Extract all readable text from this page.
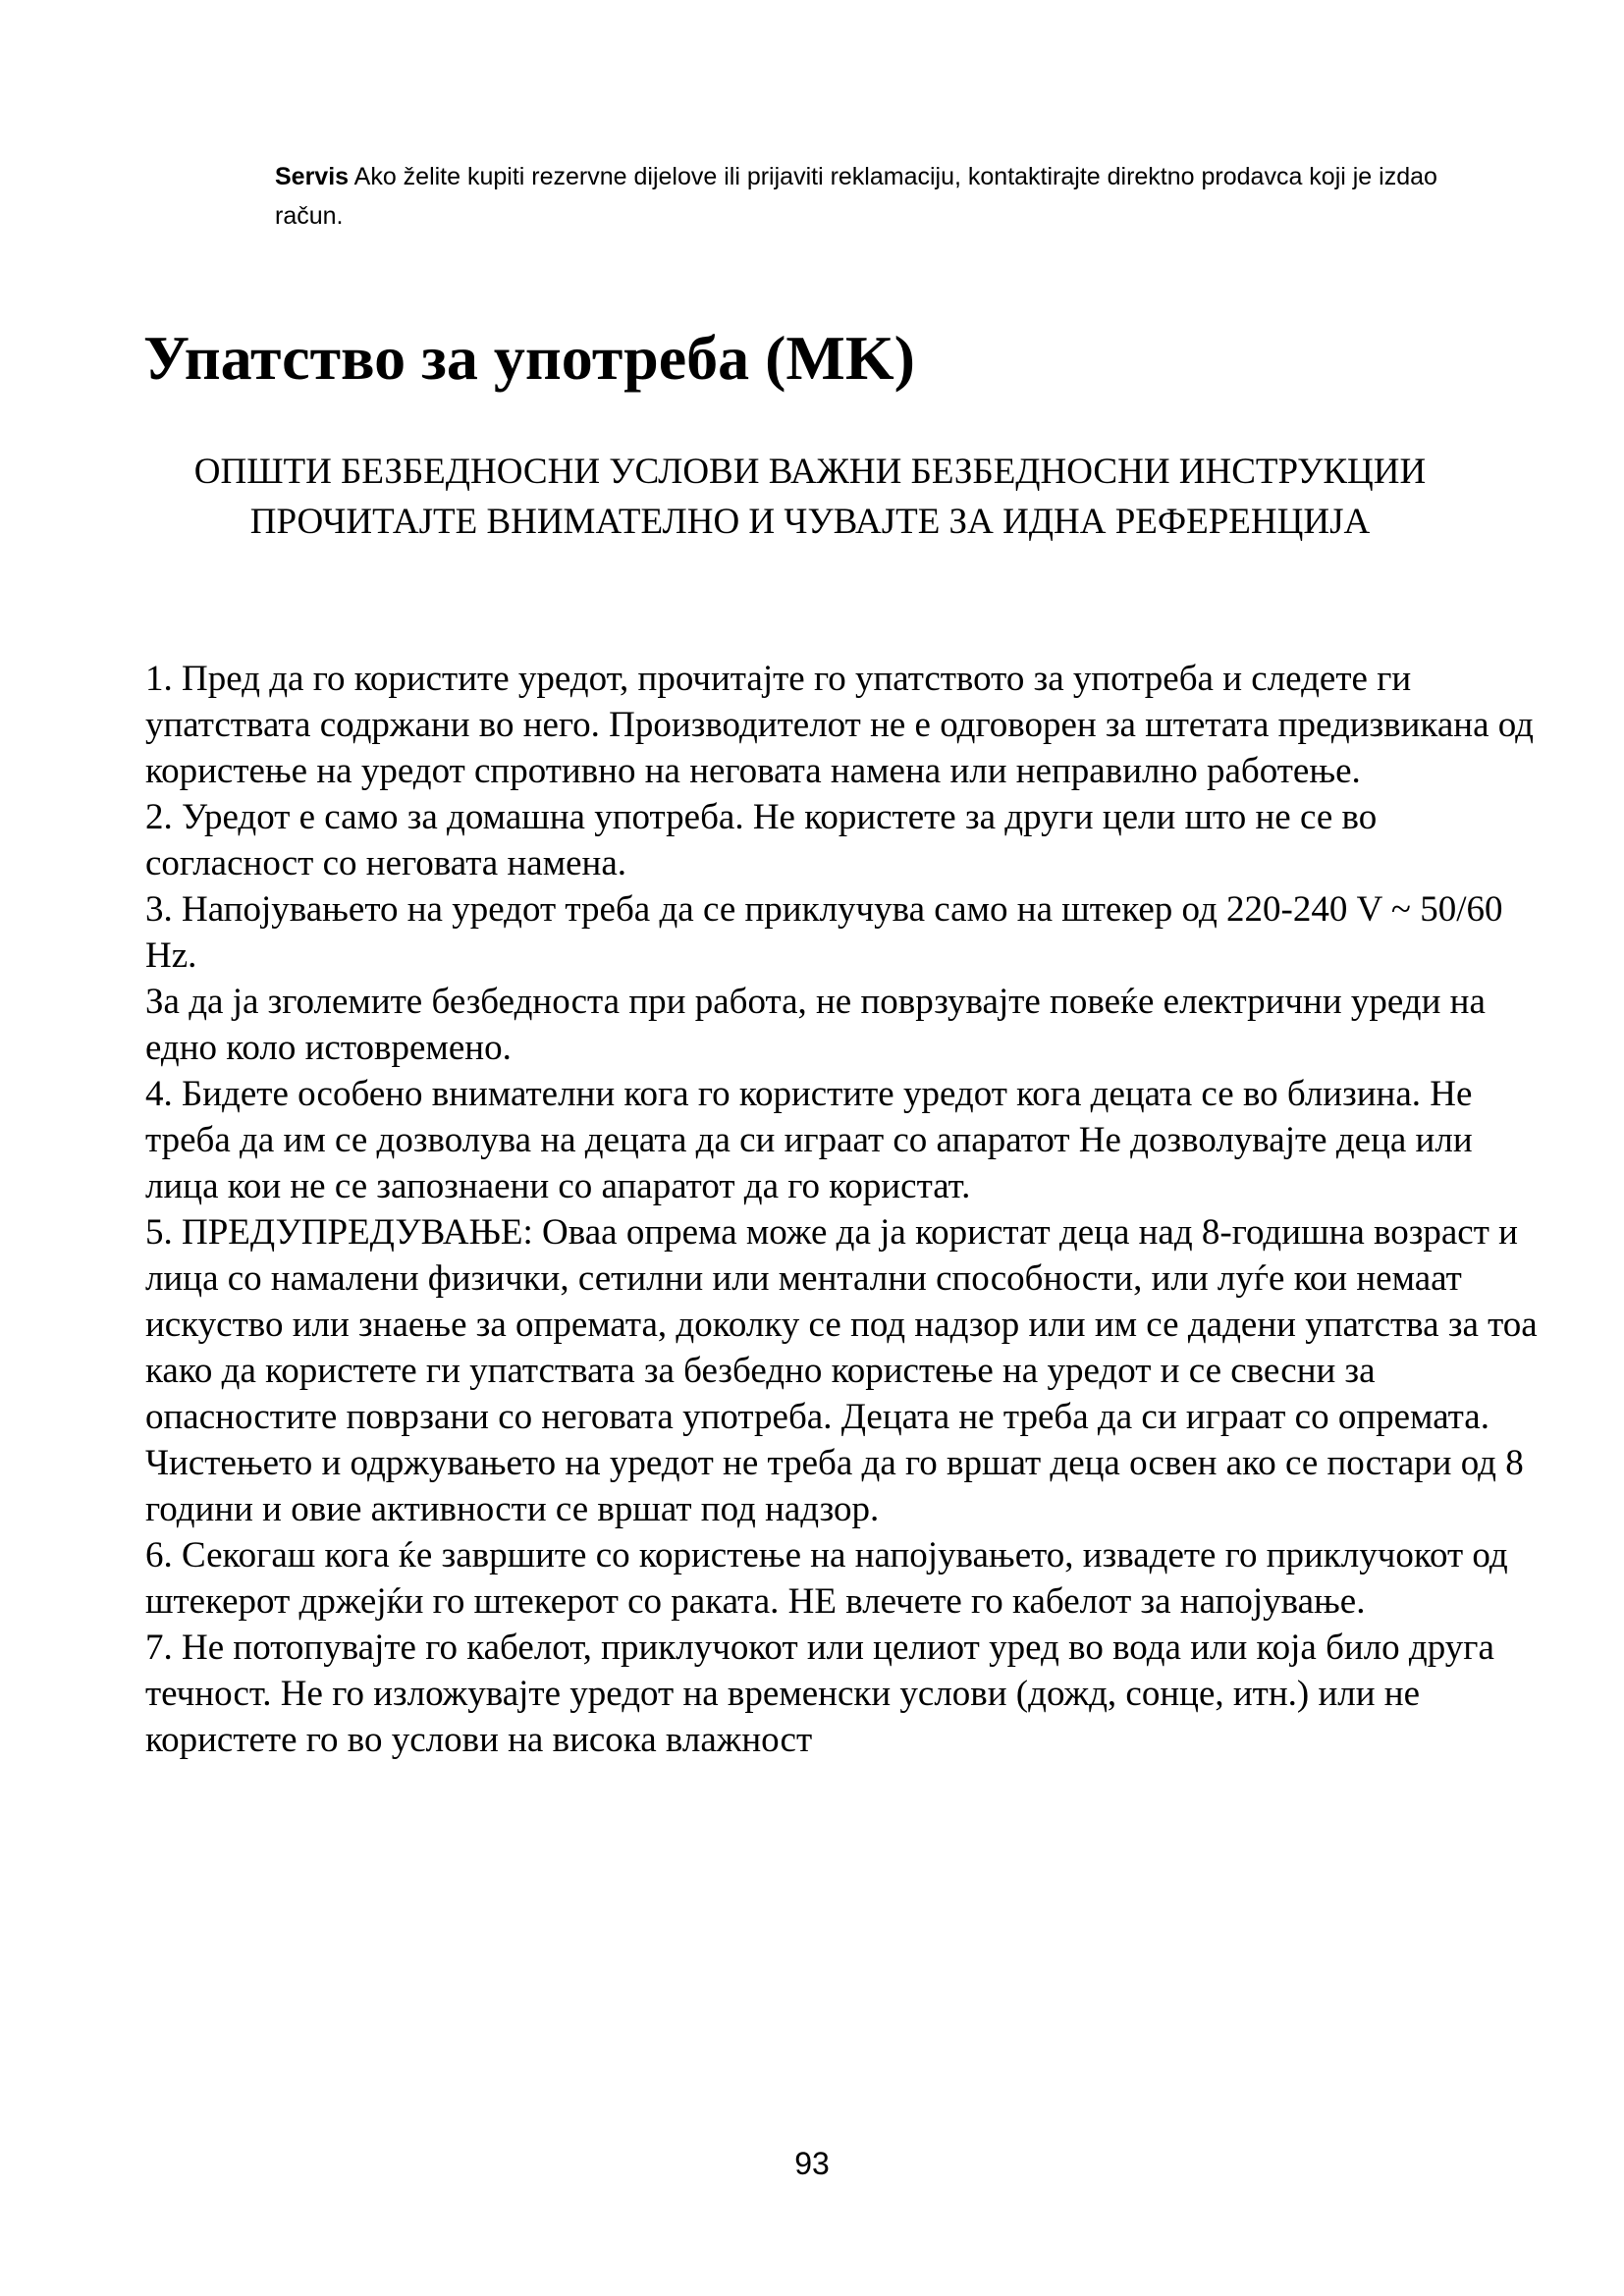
Servis Ako želite kupiti rezervne dijelove ili prijaviti reklamaciju, kontaktirajte direktno prodavca koji je izdao račun.
Упатство за употреба (MK)
ОПШТИ БЕЗБЕДНОСНИ УСЛОВИ ВАЖНИ БЕЗБЕДНОСНИ ИНСТРУКЦИИ ПРОЧИТАЈТЕ ВНИМАТЕЛНО И ЧУВАЈТЕ ЗА ИДНА РЕФЕРЕНЦИЈА

1. Пред да го користите уредот, прочитајте го упатството за употреба и следете ги упатствата содржани во него. Производителот не е одговорен за штетата предизвикана од користење на уредот спротивно на неговата намена или неправилно работење.

2. Уредот е само за домашна употреба. Не користете за други цели што не се во согласност со неговата намена.

3. Напојувањето на уредот треба да се приклучува само на штекер од 220-240 V ~ 50/60 Hz.

За да ја зголемите безбедноста при работа, не поврзувајте повеќе електрични уреди на едно коло истовремено.

4. Бидете особено внимателни кога го користите уредот кога децата се во близина. Не треба да им се дозволува на децата да си играат со апаратот Не дозволувајте деца или лица кои не се запознаени со апаратот да го користат.

5. ПРЕДУПРЕДУВАЊЕ: Оваа опрема може да ја користат деца над 8-годишна возраст и лица со намалени физички, сетилни или ментални способности, или луѓе кои немаат искуство или знаење за опремата, доколку се под надзор или им се дадени упатства за тоа како да користете ги упатствата за безбедно користење на уредот и се свесни за опасностите поврзани со неговата употреба. Децата не треба да си играат со опремата. Чистењето и одржувањето на уредот не треба да го вршат деца освен ако се постари од 8 години и овие активности се вршат под надзор.

6. Секогаш кога ќе завршите со користење на напојувањето, извадете го приклучокот од штекерот држејќи го штекерот со раката. НЕ влечете го кабелот за напојување.

7. Не потопувајте го кабелот, приклучокот или целиот уред во вода или која било друга течност. Не го изложувајте уредот на временски услови (дожд, сонце, итн.) или не користете го во услови на висока влажност

93
